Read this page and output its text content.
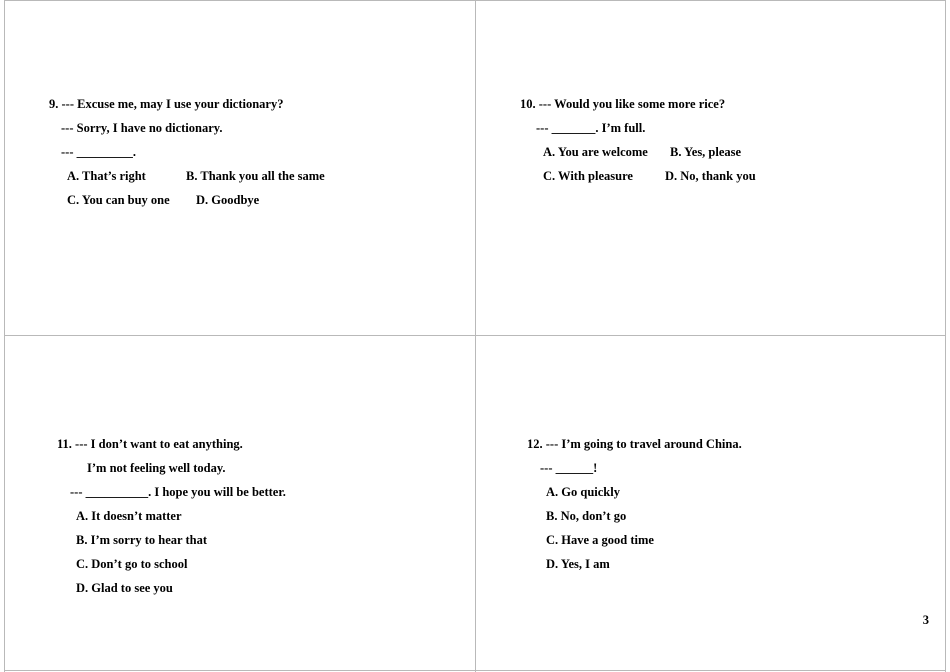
9. --- Excuse me, may I use your dictionary?
--- Sorry, I have no dictionary.
--- _________.
A. That’s right	B. Thank you all the same
C. You can buy one D. Goodbye
10. --- Would you like some more rice?
--- _______. I’m full.
A. You are welcome B. Yes, please
C. With pleasure	D. No, thank you
11. --- I don’t want to eat anything.
I’m not feeling well today.
--- __________. I hope you will be better.
A. It doesn’t matter
B. I’m sorry to hear that
C. Don’t go to school
D. Glad to see you
12. --- I’m going to travel around China.
--- ______!
A. Go quickly
B. No, don’t go
C. Have a good time
D. Yes, I am
3
